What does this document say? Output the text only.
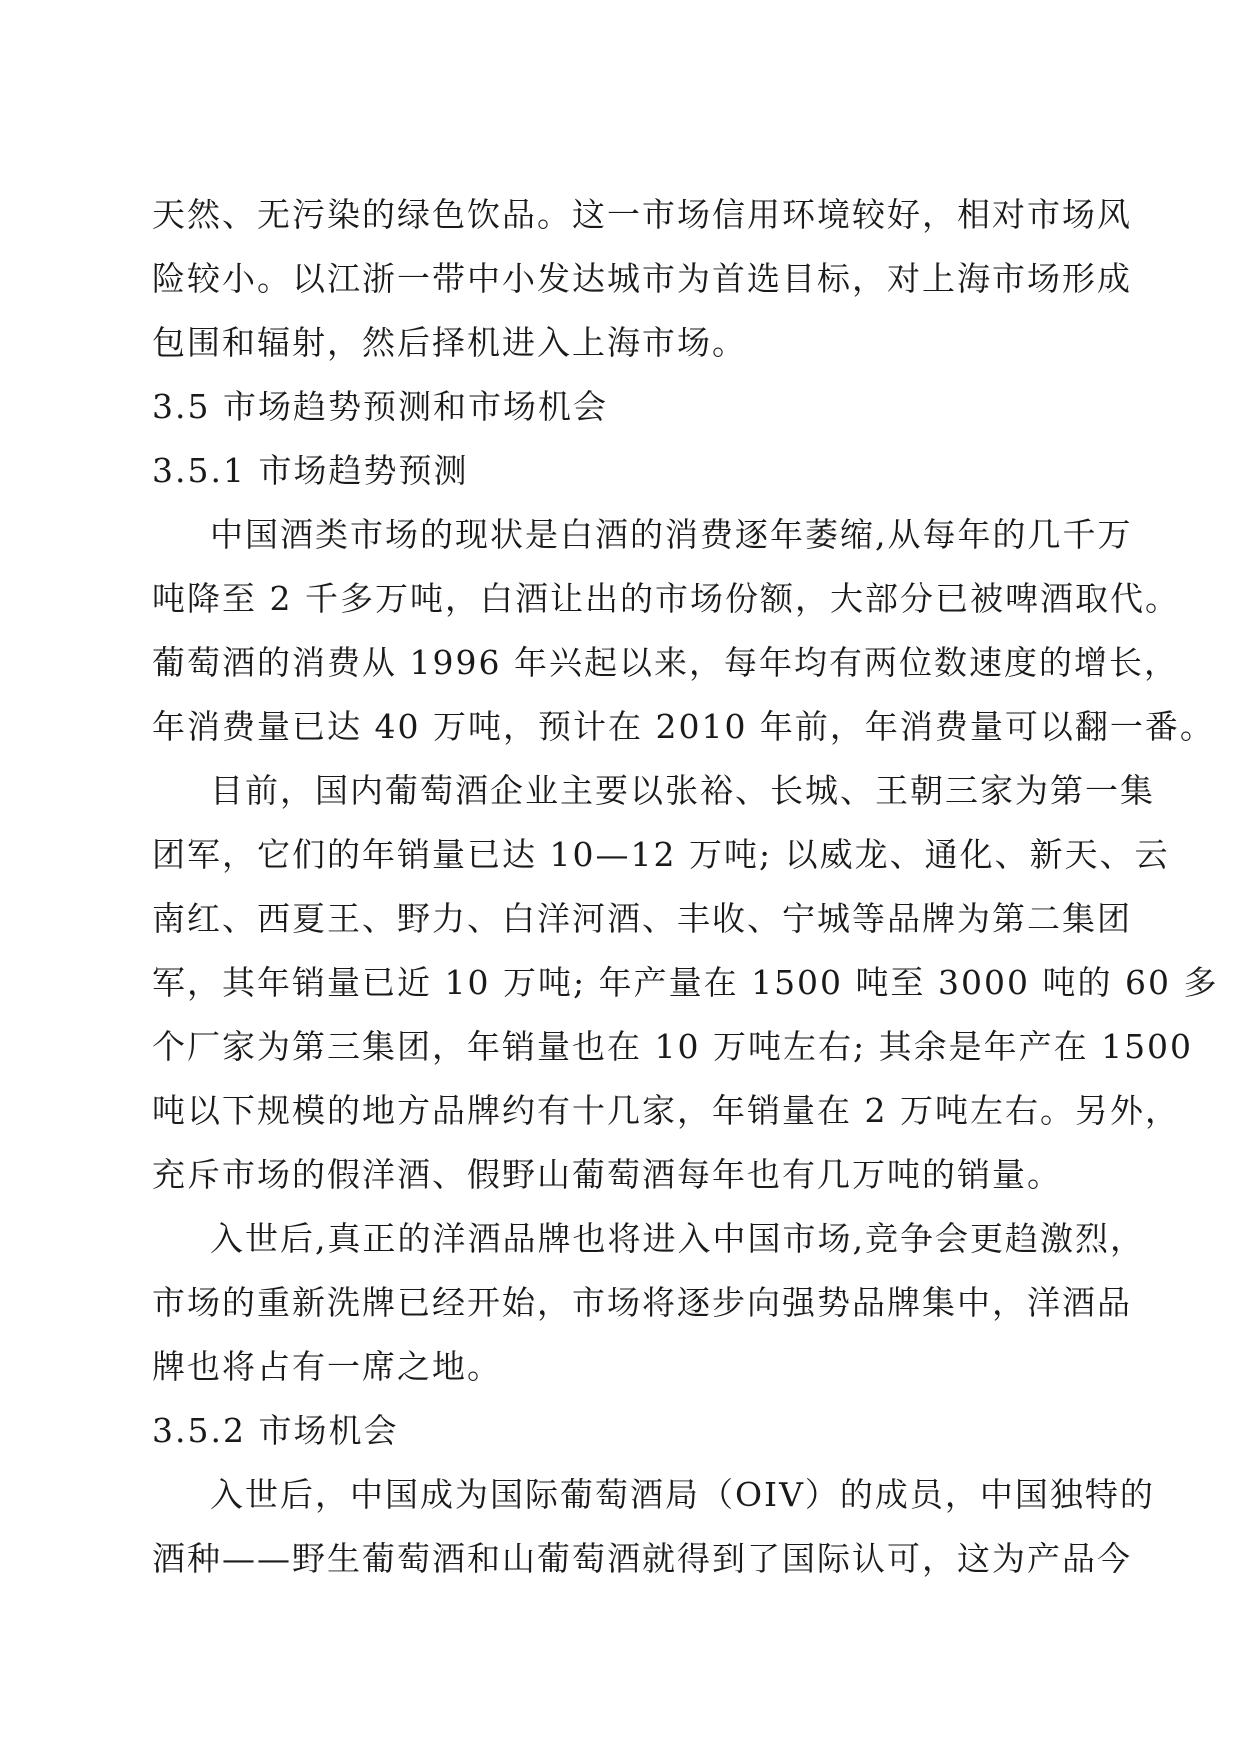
天然、无污染的绿色饮品。这一市场信用环境较好，相对市场风
险较小。以江浙一带中小发达城市为首选目标，对上海市场形成
包围和辐射，然后择机进入上海市场。

3.5 市场趋势预测和市场机会

3.5.1 市场趋势预测

中国酒类市场的现状是白酒的消费逐年萎缩,从每年的几千万
吨降至 2 千多万吨，白酒让出的市场份额，大部分已被啤酒取代。
葡萄酒的消费从 1996 年兴起以来，每年均有两位数速度的增长，
年消费量已达 40 万吨，预计在 2010 年前，年消费量可以翻一番。

目前，国内葡萄酒企业主要以张裕、长城、王朝三家为第一集
团军，它们的年销量已达 10—12 万吨; 以威龙、通化、新天、云
南红、西夏王、野力、白洋河酒、丰收、宁城等品牌为第二集团
军，其年销量已近 10 万吨; 年产量在 1500 吨至 3000 吨的 60 多
个厂家为第三集团，年销量也在 10 万吨左右; 其余是年产在 1500
吨以下规模的地方品牌约有十几家，年销量在 2 万吨左右。另外，
充斥市场的假洋酒、假野山葡萄酒每年也有几万吨的销量。

入世后,真正的洋酒品牌也将进入中国市场,竞争会更趋激烈，
市场的重新洗牌已经开始，市场将逐步向强势品牌集中，洋酒品
牌也将占有一席之地。

3.5.2 市场机会

入世后，中国成为国际葡萄酒局（OIV）的成员，中国独特的
酒种——野生葡萄酒和山葡萄酒就得到了国际认可，这为产品今
